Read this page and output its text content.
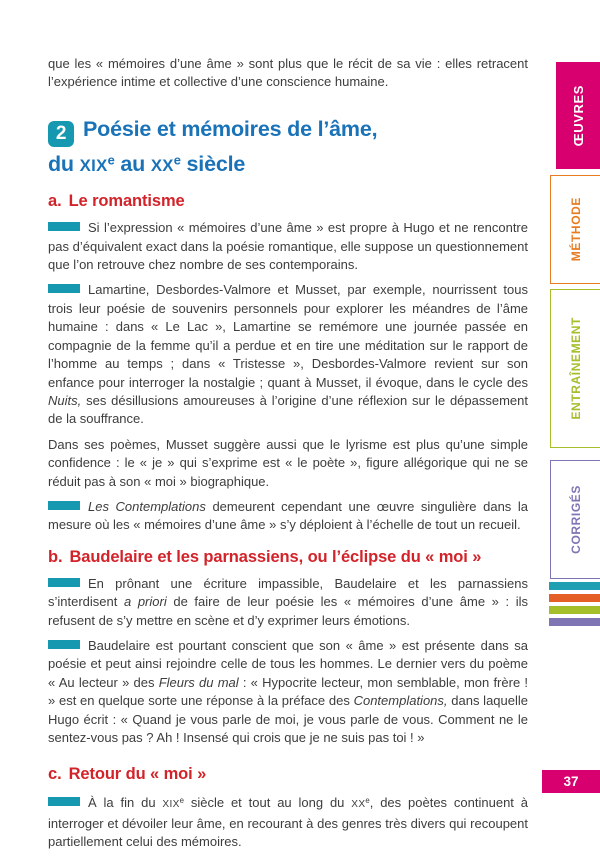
que les « mémoires d’une âme » sont plus que le récit de sa vie : elles retracent l’expérience intime et collective d’une conscience humaine.

2 Poésie et mémoires de l’âme,
du XIXe au XXe siècle
a. Le romantisme

Si l’expression « mémoires d’une âme » est propre à Hugo et ne rencontre pas d’équivalent exact dans la poésie romantique, elle suppose un questionnement que l’on retrouve chez nombre de ses contemporains.

Lamartine, Desbordes-Valmore et Musset, par exemple, nourrissent tous trois leur poésie de souvenirs personnels pour explorer les méandres de l’âme humaine : dans « Le Lac », Lamartine se remémore une journée passée en compagnie de la femme qu’il a perdue et en tire une méditation sur le rapport de l’homme au temps ; dans « Tristesse », Desbordes-Valmore revient sur son enfance pour interroger la nostalgie ; quant à Musset, il évoque, dans le cycle des Nuits, ses désillusions amoureuses à l’origine d’une réflexion sur le dépassement de la souffrance.

Dans ses poèmes, Musset suggère aussi que le lyrisme est plus qu’une simple confidence : le « je » qui s’exprime est « le poète », figure allégorique qui ne se réduit pas à son « moi » biographique.

Les Contemplations demeurent cependant une œuvre singulière dans la mesure où les « mémoires d’une âme » s’y déploient à l’échelle de tout un recueil.

b. Baudelaire et les parnassiens, ou l’éclipse du « moi »

En prônant une écriture impassible, Baudelaire et les parnassiens s’interdisent a priori de faire de leur poésie les « mémoires d’une âme » : ils refusent de s’y mettre en scène et d’y exprimer leurs émotions.

Baudelaire est pourtant conscient que son « âme » est présente dans sa poésie et peut ainsi rejoindre celle de tous les hommes. Le dernier vers du poème « Au lecteur » des Fleurs du mal : « Hypocrite lecteur, mon semblable, mon frère ! » est en quelque sorte une réponse à la préface des Contemplations, dans laquelle Hugo écrit : « Quand je vous parle de moi, je vous parle de vous. Comment ne le sentez-vous pas ? Ah ! Insensé qui crois que je ne suis pas toi ! »

c. Retour du « moi »

À la fin du XIXe siècle et tout au long du XXe, des poètes continuent à interroger et dévoiler leur âme, en recourant à des genres très divers qui recoupent partiellement celui des mémoires.

ŒUVRES
MÉTHODE
ENTRAÎNEMENT
CORRIGÉS
37
